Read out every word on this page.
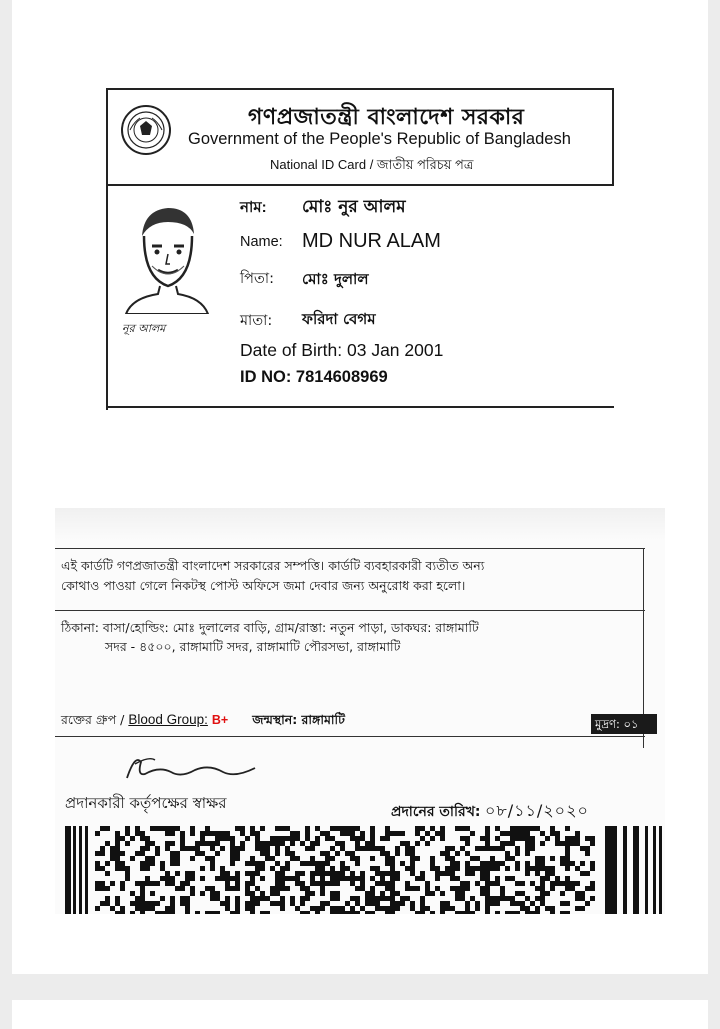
গণপ্রজাতন্ত্রী বাংলাদেশ সরকার
Government of the People's Republic of Bangladesh
National ID Card / জাতীয় পরিচয় পত্র
নূর আলম
নাম: মোঃ নুর আলম
Name: MD NUR ALAM
পিতা: মোঃ দুলাল
মাতা: ফরিদা বেগম
Date of Birth: 03 Jan 2001
ID NO: 7814608969
এই কার্ডটি গণপ্রজাতন্ত্রী বাংলাদেশ সরকারের সম্পত্তি। কার্ডটি ব্যবহারকারী ব্যতীত অন্য
কোথাও পাওয়া গেলে নিকটস্থ পোস্ট অফিসে জমা দেবার জন্য অনুরোধ করা হলো।
ঠিকানা: বাসা/হোল্ডিং: মোঃ দুলালের বাড়ি, গ্রাম/রাস্তা: নতুন পাড়া, ডাকঘর: রাঙ্গামাটি
সদর - ৪৫০০, রাঙ্গামাটি সদর, রাঙ্গামাটি পৌরসভা, রাঙ্গামাটি
রক্তের গ্রুপ / Blood Group: B+ জন্মস্থান: রাঙ্গামাটি	মুদ্রণ: ০১
প্রদানকারী কর্তৃপক্ষের স্বাক্ষর	প্রদানের তারিখ: ০৮/১১/২০২০
